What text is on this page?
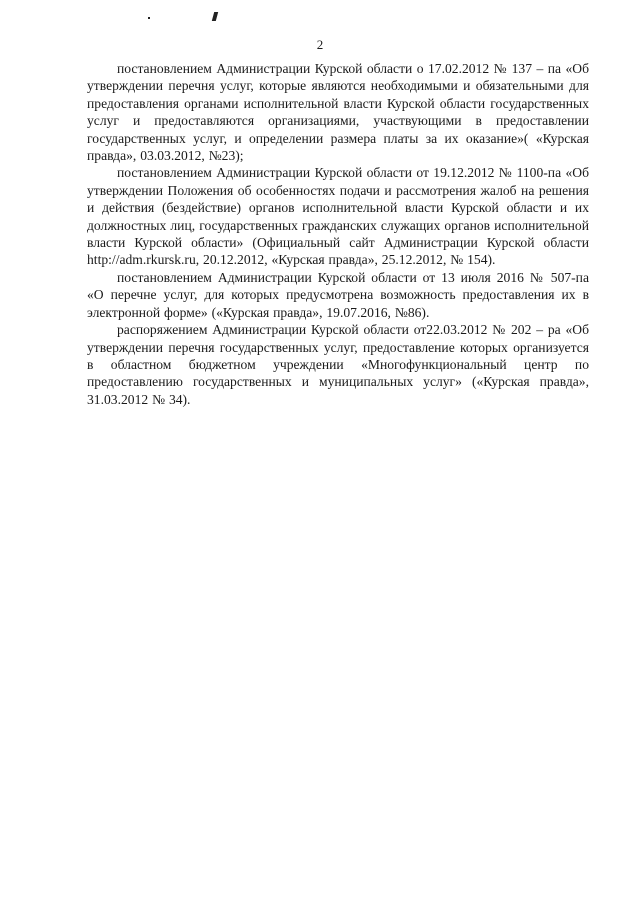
2

постановлением Администрации Курской области о 17.02.2012 № 137 – па «Об утверждении перечня услуг, которые являются необходимыми и обязательными для предоставления органами исполнительной власти Курской области государственных услуг и предоставляются организациями, участвующими в предоставлении государственных услуг, и определении размера платы за их оказание»( «Курская правда», 03.03.2012, №23);

постановлением Администрации Курской области от 19.12.2012 № 1100-па «Об утверждении Положения об особенностях подачи и рассмотрения жалоб на решения и действия (бездействие) органов исполнительной власти Курской области и их должностных лиц, государственных гражданских служащих органов исполнительной власти Курской области» (Официальный сайт Администрации Курской области http://adm.rkursk.ru, 20.12.2012, «Курская правда», 25.12.2012, № 154).

постановлением Администрации Курской области от 13 июля 2016 № 507-па «О перечне услуг, для которых предусмотрена возможность предоставления их в электронной форме» («Курская правда», 19.07.2016, №86).

распоряжением Администрации Курской области от22.03.2012 № 202 – ра «Об утверждении перечня государственных услуг, предоставление которых организуется в областном бюджетном учреждении «Многофункциональный центр по предоставлению государственных и муниципальных услуг» («Курская правда», 31.03.2012 № 34).
